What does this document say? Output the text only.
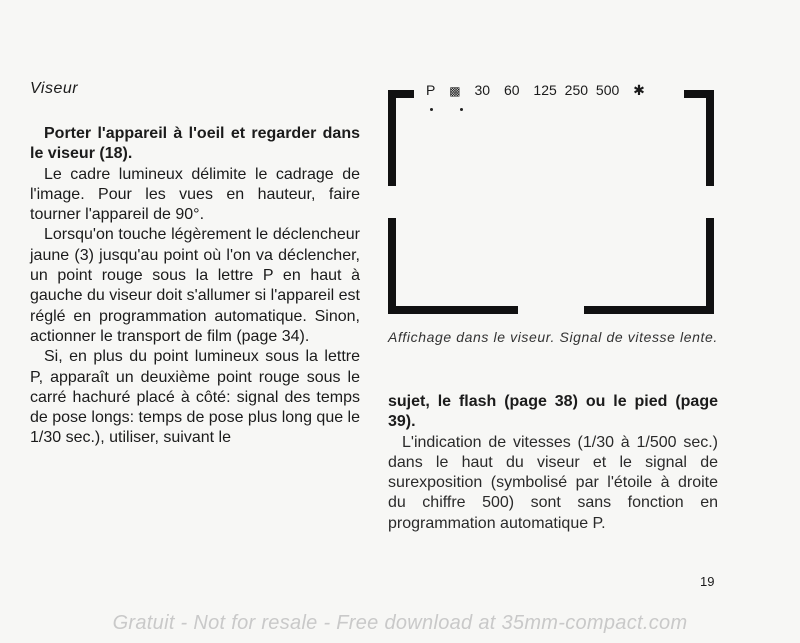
Viseur

Porter l'appareil à l'oeil et regarder dans le viseur (18).

Le cadre lumineux délimite le cadrage de l'image. Pour les vues en hauteur, faire tourner l'appareil de 90°.

Lorsqu'on touche légèrement le déclencheur jaune (3) jusqu'au point où l'on va déclencher, un point rouge sous la lettre P en haut à gauche du viseur doit s'allumer si l'appareil est réglé en programmation automatique. Sinon, actionner le transport de film (page 34).

Si, en plus du point lumineux sous la lettre P, apparaît un deuxième point rouge sous le carré hachuré placé à côté: signal des temps de pose longs: temps de pose plus long que le 1/30 sec.), utiliser, suivant le

P ▩ 30 60 125 250 500 ✱
Affichage dans le viseur. Signal de vitesse lente.

sujet, le flash (page 38) ou le pied (page 39).

L'indication de vitesses (1/30 à 1/500 sec.) dans le haut du viseur et le signal de surexposition (symbolisé par l'étoile à droite du chiffre 500) sont sans fonction en programmation automatique P.

19
Gratuit - Not for resale - Free download at 35mm-compact.com
